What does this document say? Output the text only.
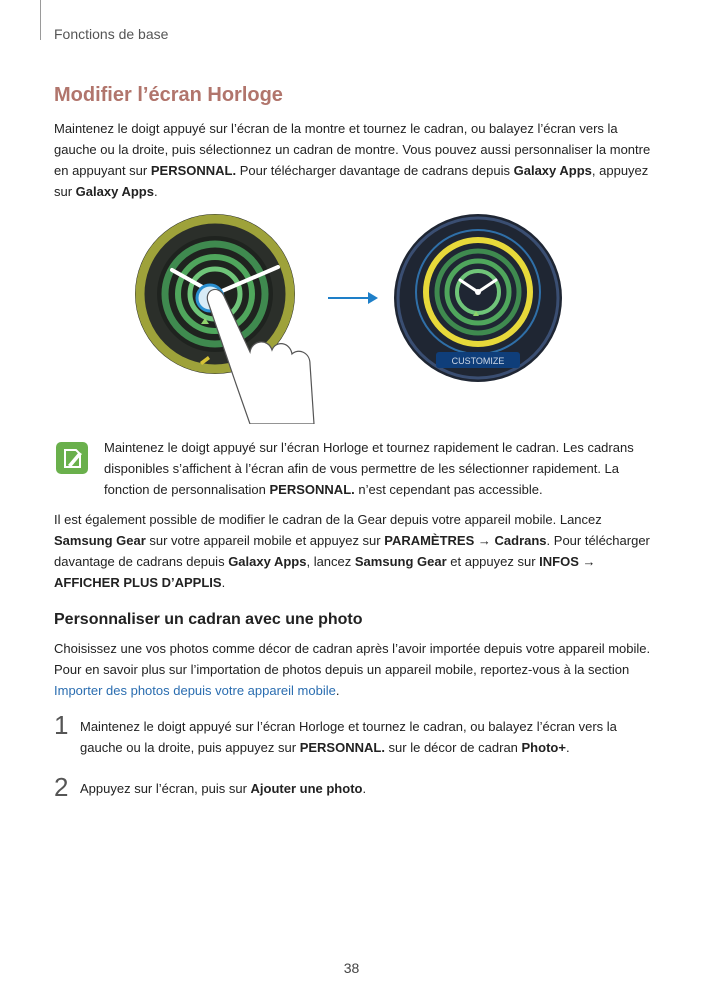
Fonctions de base
Modifier l’écran Horloge

Maintenez le doigt appuyé sur l’écran de la montre et tournez le cadran, ou balayez l’écran vers la gauche ou la droite, puis sélectionnez un cadran de montre. Vous pouvez aussi personnaliser la montre en appuyant sur PERSONNAL. Pour télécharger davantage de cadrans depuis Galaxy Apps, appuyez sur Galaxy Apps.

CUSTOMIZE

Maintenez le doigt appuyé sur l’écran Horloge et tournez rapidement le cadran. Les cadrans disponibles s’affichent à l’écran afin de vous permettre de les sélectionner rapidement. La fonction de personnalisation PERSONNAL. n’est cependant pas accessible.

Il est également possible de modifier le cadran de la Gear depuis votre appareil mobile. Lancez Samsung Gear sur votre appareil mobile et appuyez sur PARAMÈTRES → Cadrans. Pour télécharger davantage de cadrans depuis Galaxy Apps, lancez Samsung Gear et appuyez sur INFOS → AFFICHER PLUS D’APPLIS.

Personnaliser un cadran avec une photo

Choisissez une vos photos comme décor de cadran après l’avoir importée depuis votre appareil mobile. Pour en savoir plus sur l’importation de photos depuis un appareil mobile, reportez-vous à la section Importer des photos depuis votre appareil mobile.

1 Maintenez le doigt appuyé sur l’écran Horloge et tournez le cadran, ou balayez l’écran vers la gauche ou la droite, puis appuyez sur PERSONNAL. sur le décor de cadran Photo+.

2 Appuyez sur l’écran, puis sur Ajouter une photo.

38
